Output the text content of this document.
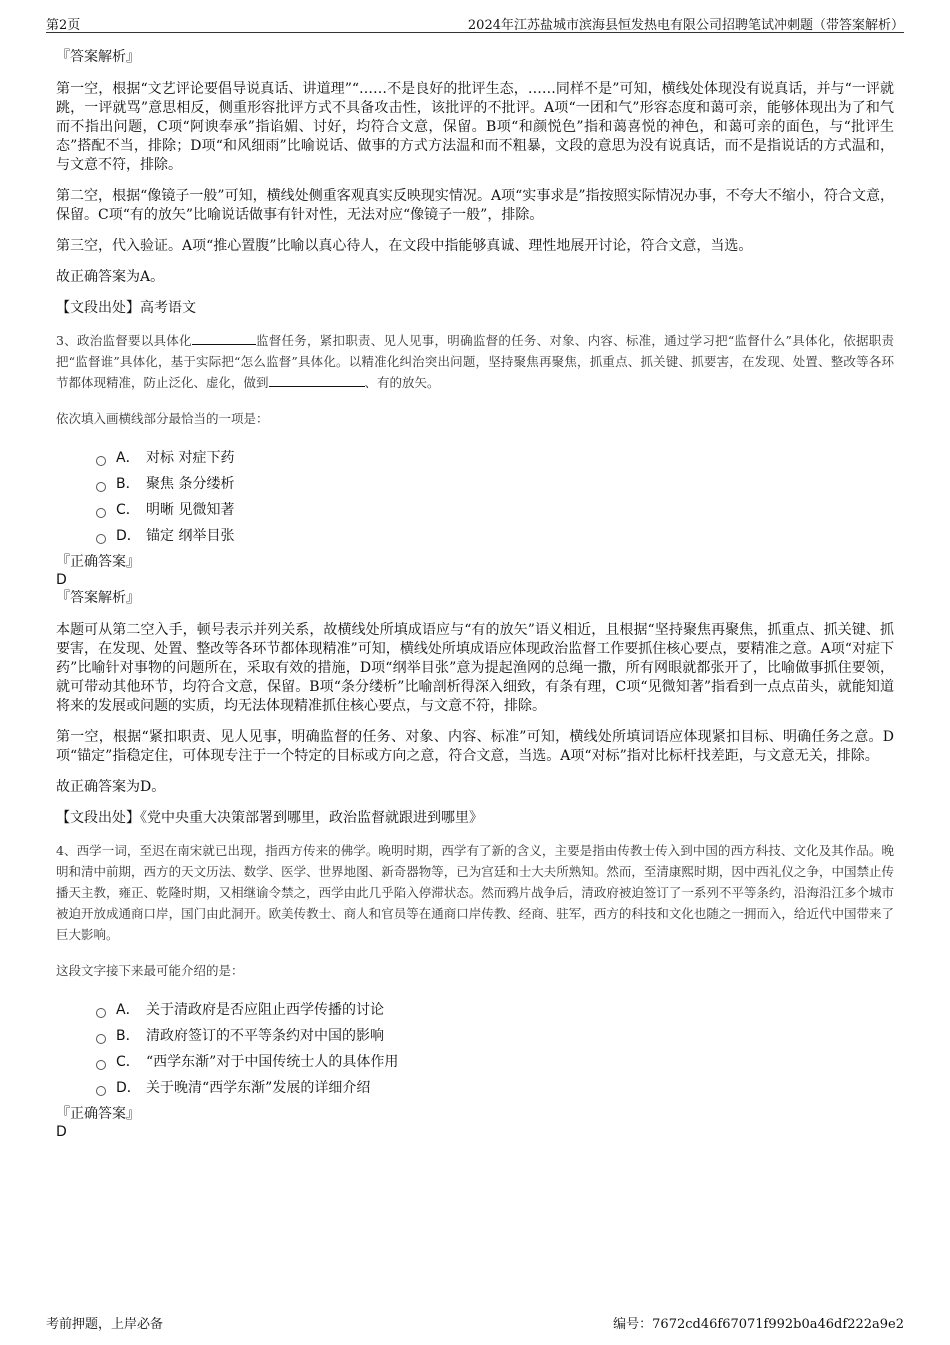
第2页	2024年江苏盐城市滨海县恒发热电有限公司招聘笔试冲刺题（带答案解析）

『答案解析』

第一空，根据“文艺评论要倡导说真话、讲道理”“……不是良好的批评生态，……同样不是”可知，横线处体现没有说真话，并与“一评就跳，一评就骂”意思相反，侧重形容批评方式不具备攻击性，该批评的不批评。A项“一团和气”形容态度和蔼可亲，能够体现出为了和气而不指出问题，C项“阿谀奉承”指谄媚、讨好，均符合文意，保留。B项“和颜悦色”指和蔼喜悦的神色，和蔼可亲的面色，与“批评生态”搭配不当，排除；D项“和风细雨”比喻说话、做事的方式方法温和而不粗暴，文段的意思为没有说真话，而不是指说话的方式温和，与文意不符，排除。

第二空，根据“像镜子一般”可知，横线处侧重客观真实反映现实情况。A项“实事求是”指按照实际情况办事，不夸大不缩小，符合文意，保留。C项“有的放矢”比喻说话做事有针对性，无法对应“像镜子一般”，排除。

第三空，代入验证。A项“推心置腹”比喻以真心待人，在文段中指能够真诚、理性地展开讨论，符合文意，当选。

故正确答案为A。

【文段出处】高考语文

3、政治监督要以具体化	监督任务，紧扣职责、见人见事，明确监督的任务、对象、内容、标准，通过学习把“监督什么”具体化，依据职责把“监督谁”具体化，基于实际把“怎么监督”具体化。以精准化纠治突出问题，坚持聚焦再聚焦，抓重点、抓关键、抓要害，在发现、处置、整改等各环节都体现精准，防止泛化、虚化，做到	、有的放矢。

依次填入画横线部分最恰当的一项是：

A． 对标 对症下药
B． 聚焦 条分缕析
C． 明晰 见微知著
D． 锚定 纲举目张

『正确答案』

D

『答案解析』

本题可从第二空入手，顿号表示并列关系，故横线处所填成语应与“有的放矢”语义相近，且根据“坚持聚焦再聚焦，抓重点、抓关键、抓要害，在发现、处置、整改等各环节都体现精准”可知，横线处所填成语应体现政治监督工作要抓住核心要点，要精准之意。A项“对症下药”比喻针对事物的问题所在，采取有效的措施，D项“纲举目张”意为提起渔网的总绳一撒，所有网眼就都张开了，比喻做事抓住要领，就可带动其他环节，均符合文意，保留。B项“条分缕析”比喻剖析得深入细致，有条有理，C项“见微知著”指看到一点点苗头，就能知道将来的发展或问题的实质，均无法体现精准抓住核心要点，与文意不符，排除。

第一空，根据“紧扣职责、见人见事，明确监督的任务、对象、内容、标准”可知，横线处所填词语应体现紧扣目标、明确任务之意。D项“锚定”指稳定住，可体现专注于一个特定的目标或方向之意，符合文意，当选。A项“对标”指对比标杆找差距，与文意无关，排除。

故正确答案为D。

【文段出处】《党中央重大决策部署到哪里，政治监督就跟进到哪里》

4、西学一词，至迟在南宋就已出现，指西方传来的佛学。晚明时期，西学有了新的含义，主要是指由传教士传入到中国的西方科技、文化及其作品。晚明和清中前期，西方的天文历法、数学、医学、世界地图、新奇器物等，已为宫廷和士大夫所熟知。然而，至清康熙时期，因中西礼仪之争，中国禁止传播天主教，雍正、乾隆时期，又相继谕令禁之，西学由此几乎陷入停滞状态。然而鸦片战争后，清政府被迫签订了一系列不平等条约，沿海沿江多个城市被迫开放成通商口岸，国门由此洞开。欧美传教士、商人和官员等在通商口岸传教、经商、驻军，西方的科技和文化也随之一拥而入，给近代中国带来了巨大影响。

这段文字接下来最可能介绍的是：

A． 关于清政府是否应阻止西学传播的讨论
B． 清政府签订的不平等条约对中国的影响
C． “西学东渐”对于中国传统士人的具体作用
D． 关于晚清“西学东渐”发展的详细介绍

『正确答案』

D

考前押题，上岸必备	编号：7672cd46f67071f992b0a46df222a9e2
